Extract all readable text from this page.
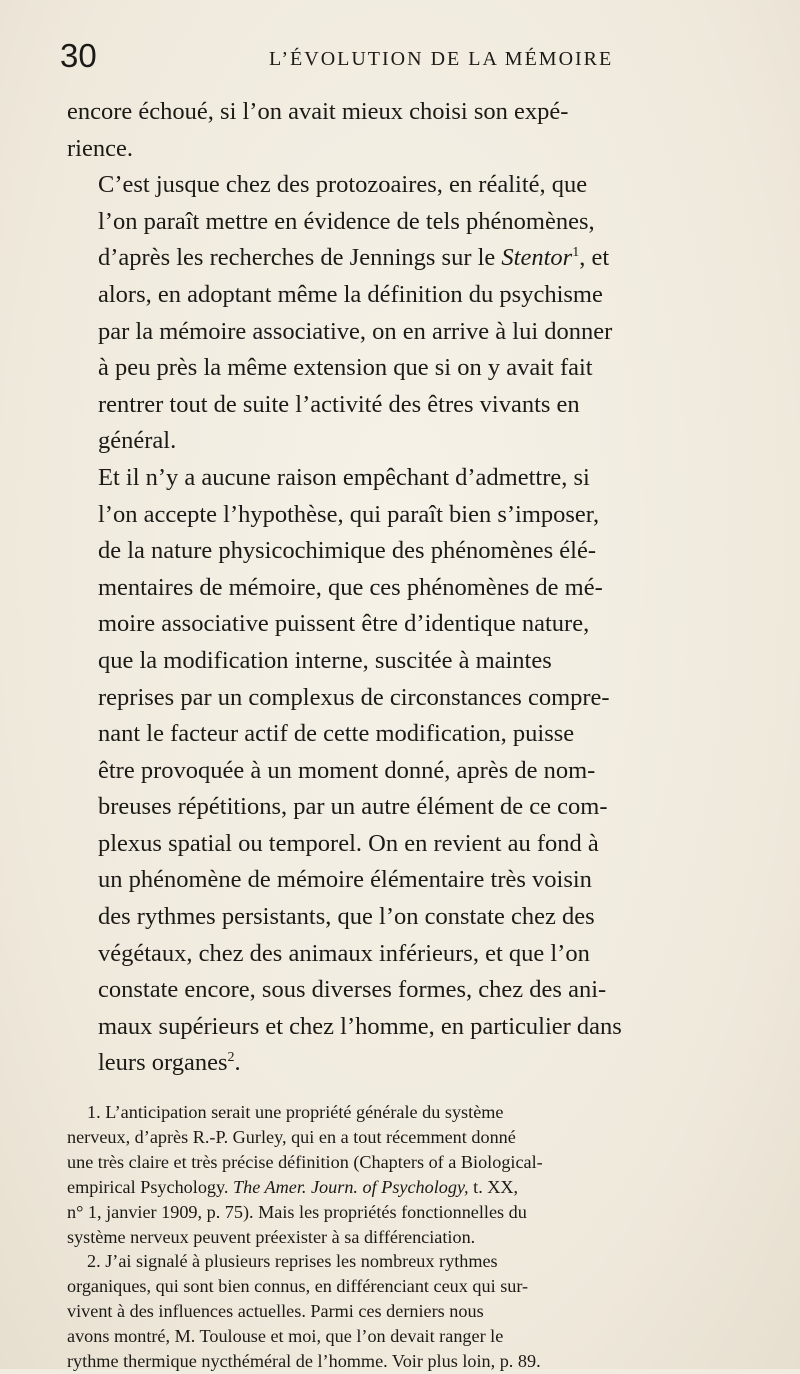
30	L’ÉVOLUTION DE LA MÉMOIRE

encore échoué, si l’on avait mieux choisi son expé-
rience.

C’est jusque chez des protozoaires, en réalité, que
l’on paraît mettre en évidence de tels phénomènes,
d’après les recherches de Jennings sur le Stentor$^1$, et
alors, en adoptant même la définition du psychisme
par la mémoire associative, on en arrive à lui donner
à peu près la même extension que si on y avait fait
rentrer tout de suite l’activité des êtres vivants en
général.

Et il n’y a aucune raison empêchant d’admettre, si
l’on accepte l’hypothèse, qui paraît bien s’imposer,
de la nature physicochimique des phénomènes élé-
mentaires de mémoire, que ces phénomènes de mé-
moire associative puissent être d’identique nature,
que la modification interne, suscitée à maintes
reprises par un complexus de circonstances compre-
nant le facteur actif de cette modification, puisse
être provoquée à un moment donné, après de nom-
breuses répétitions, par un autre élément de ce com-
plexus spatial ou temporel. On en revient au fond à
un phénomène de mémoire élémentaire très voisin
des rythmes persistants, que l’on constate chez des
végétaux, chez des animaux inférieurs, et que l’on
constate encore, sous diverses formes, chez des ani-
maux supérieurs et chez l’homme, en particulier dans
leurs organes$^2$.

1. L’anticipation serait une propriété générale du système

nerveux, d’après R.-P. Gurley, qui en a tout récemment donné
une très claire et très précise définition (Chapters of a Biological-
empirical Psychology. The Amer. Journ. of Psychology, t. XX,
n° 1, janvier 1909, p. 75). Mais les propriétés fonctionnelles du
système nerveux peuvent préexister à sa différenciation.

2. J’ai signalé à plusieurs reprises les nombreux rythmes

organiques, qui sont bien connus, en différenciant ceux qui sur-
vivent à des influences actuelles. Parmi ces derniers nous
avons montré, M. Toulouse et moi, que l’on devait ranger le
rythme thermique nycthéméral de l’homme. Voir plus loin, p. 89.
